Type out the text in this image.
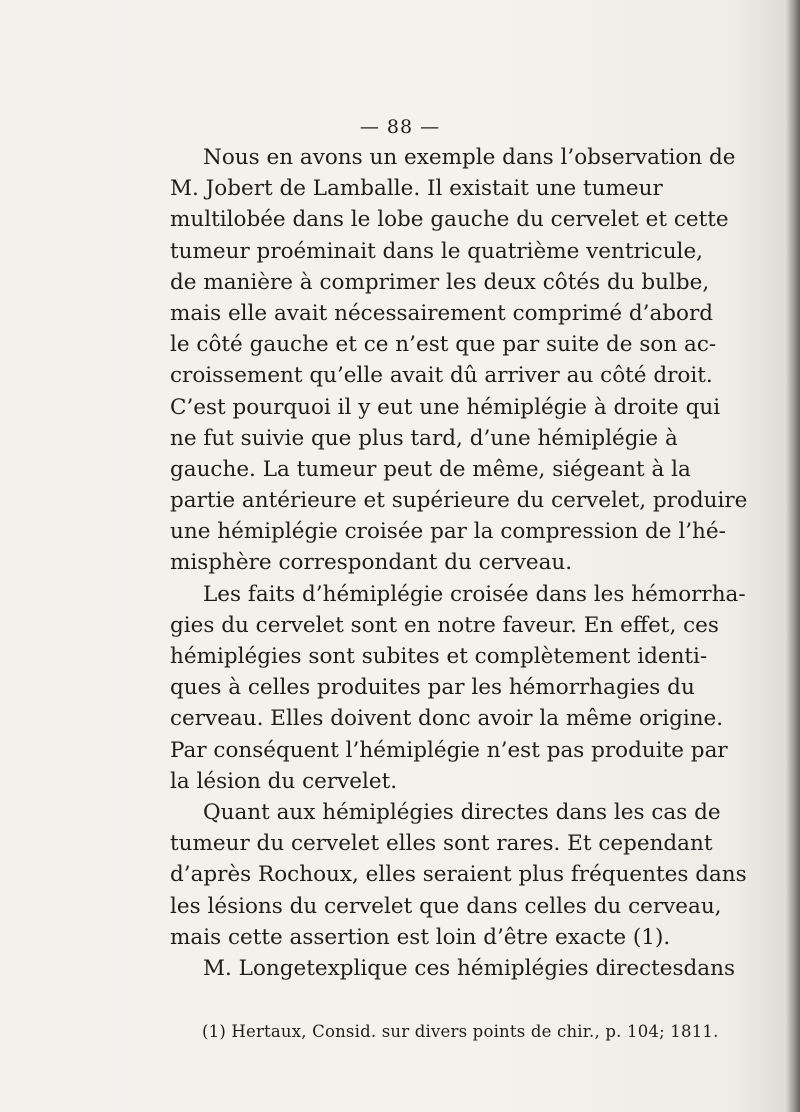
— 88 —
Nous en avons un exemple dans l’observation de
M. Jobert de Lamballe. Il existait une tumeur
multilobée dans le lobe gauche du cervelet et cette
tumeur proéminait dans le quatrième ventricule,
de manière à comprimer les deux côtés du bulbe,
mais elle avait nécessairement comprimé d’abord
le côté gauche et ce n’est que par suite de son ac-
croissement qu’elle avait dû arriver au côté droit.
C’est pourquoi il y eut une hémiplégie à droite qui
ne fut suivie que plus tard, d’une hémiplégie à
gauche. La tumeur peut de même, siégeant à la
partie antérieure et supérieure du cervelet, produire
une hémiplégie croisée par la compression de l’hé-
misphère correspondant du cerveau.
Les faits d’hémiplégie croisée dans les hémorrha-
gies du cervelet sont en notre faveur. En effet, ces
hémiplégies sont subites et complètement identi-
ques à celles produites par les hémorrhagies du
cerveau. Elles doivent donc avoir la même origine.
Par conséquent l’hémiplégie n’est pas produite par
la lésion du cervelet.
Quant aux hémiplégies directes dans les cas de
tumeur du cervelet elles sont rares. Et cependant
d’après Rochoux, elles seraient plus fréquentes dans
les lésions du cervelet que dans celles du cerveau,
mais cette assertion est loin d’être exacte (1).
M. Longetexplique ces hémiplégies directesdans
(1) Hertaux, Consid. sur divers points de chir., p. 104; 1811.
